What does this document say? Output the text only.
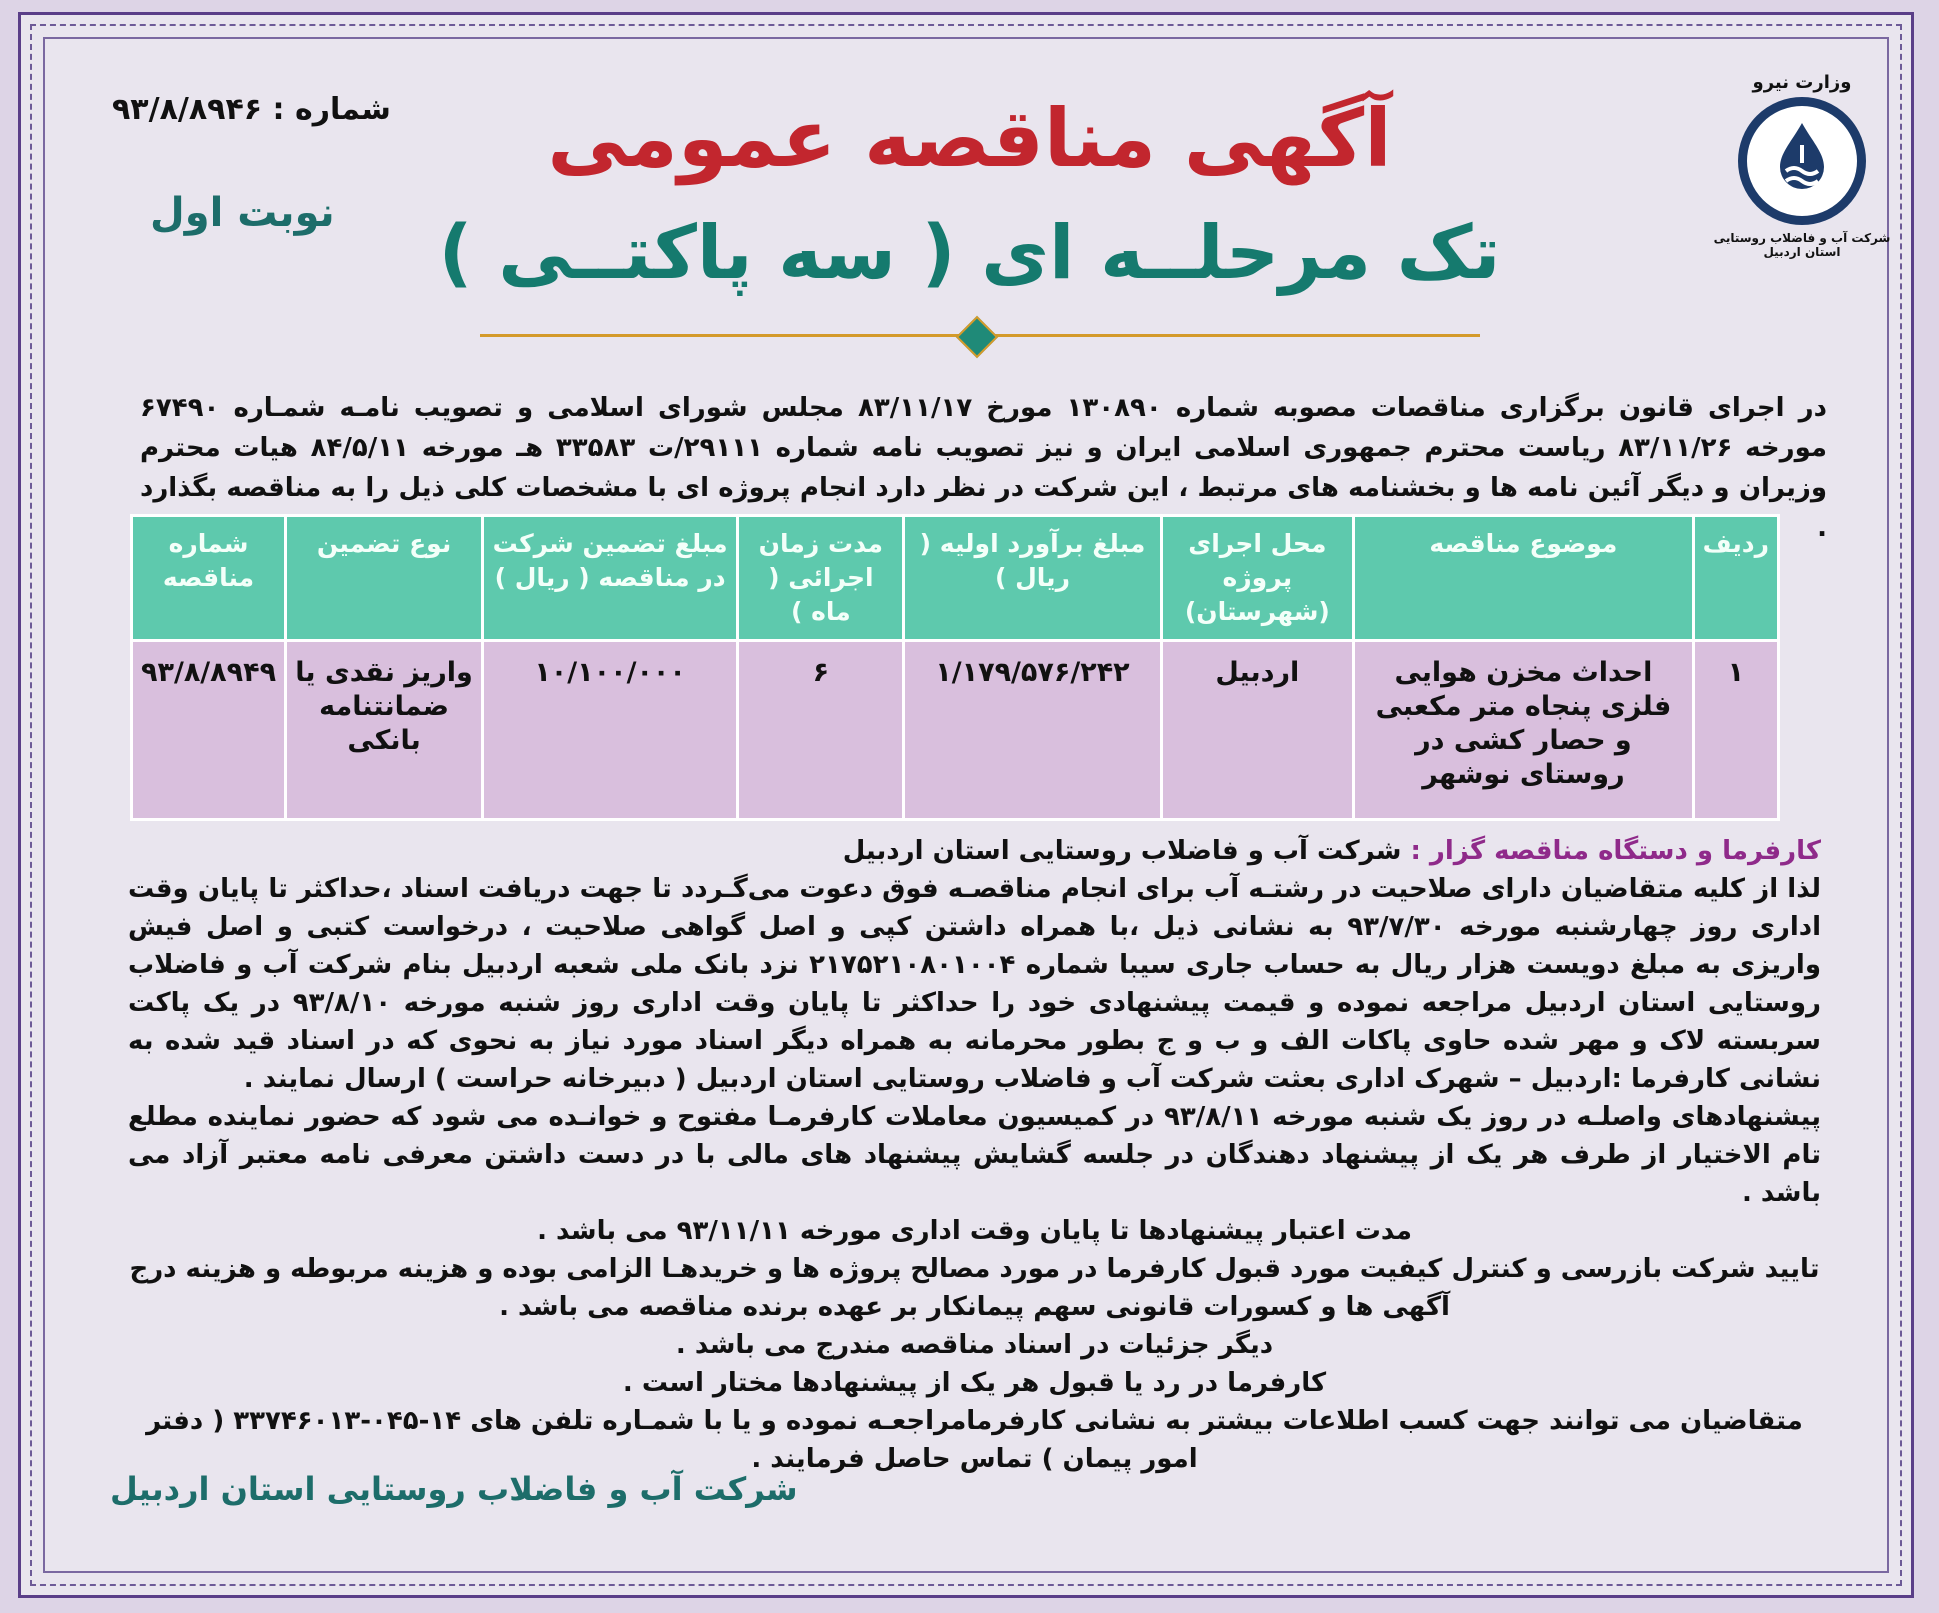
وزارت نیرو
شرکت آب و فاضلاب روستایی استان اردبیل
شماره : ۹۳/۸/۸۹۴۶
نوبت اول
آگهی مناقصه عمومی
تک مرحلــه ای ( سه پاکتــی )
در اجرای قانون برگزاری مناقصات مصوبه شماره ۱۳۰۸۹۰ مورخ ۸۳/۱۱/۱۷ مجلس شورای اسلامی و تصویب نامـه شمـاره ۶۷۴۹۰ مورخه ۸۳/۱۱/۲۶ ریاست محترم جمهوری اسلامی ایران و نیز تصویب نامه شماره ۲۹۱۱۱/ت ۳۳۵۸۳ هـ مورخه ۸۴/۵/۱۱ هیات محترم وزیران و دیگر آئین نامه ها و بخشنامه های مرتبط ، این شرکت در نظر دارد انجام پروژه ای با مشخصات کلی ذیل را به مناقصه بگذارد .
ردیف	موضوع مناقصه	محل اجرای پروژه (شهرستان)	مبلغ برآورد اولیه ( ریال )	مدت زمان اجرائی ( ماه )	مبلغ تضمین شرکت در مناقصه ( ریال )	نوع تضمین	شماره مناقصه
۱	احداث مخزن هوایی فلزی پنجاه متر مکعبی و حصار کشی در روستای نوشهر	اردبیل	۱/۱۷۹/۵۷۶/۲۴۲	۶	۱۰/۱۰۰/۰۰۰	واریز نقدی یا ضمانتنامه بانکی	۹۳/۸/۸۹۴۹

کارفرما و دستگاه مناقصه گزار : شرکت آب و فاضلاب روستایی استان اردبیل

لذا از کلیه متقاضیان دارای صلاحیت در رشتـه آب برای انجام مناقصـه فوق دعوت می‌گـردد تا جهت دریافت اسناد ،حداکثر تا پایان وقت اداری روز چهارشنبه مورخه ۹۳/۷/۳۰ به نشانی ذیل ،با همراه داشتن کپی و اصل گواهی صلاحیت ، درخواست کتبی و اصل فیش واریزی به مبلغ دویست هزار ریال به حساب جاری سیبا شماره ۲۱۷۵۲۱۰۸۰۱۰۰۴ نزد بانک ملی شعبه اردبیل بنام شرکت آب و فاضلاب روستایی استان اردبیل مراجعه نموده و قیمت پیشنهادی خود را حداکثر تا پایان وقت اداری روز شنبه مورخه ۹۳/۸/۱۰ در یک پاکت سربسته لاک و مهر شده حاوی پاکات الف و ب و ج بطور محرمانه به همراه دیگر اسناد مورد نیاز به نحوی که در اسناد قید شده به نشانی کارفرما :اردبیل – شهرک اداری بعثت شرکت آب و فاضلاب روستایی استان اردبیل ( دبیرخانه حراست ) ارسال نمایند .

پیشنهادهای واصلـه در روز یک شنبه مورخه ۹۳/۸/۱۱ در کمیسیون معاملات کارفرمـا مفتوح و خوانـده می شود که حضور نماینده مطلع تام الاختیار از طرف هر یک از پیشنهاد دهندگان در جلسه گشایش پیشنهاد های مالی با در دست داشتن معرفی نامه معتبر آزاد می باشد .

مدت اعتبار پیشنهادها تا پایان وقت اداری مورخه ۹۳/۱۱/۱۱ می باشد .

تایید شرکت بازرسی و کنترل کیفیت مورد قبول کارفرما در مورد مصالح پروژه ها و خریدهـا الزامی بوده و هزینه مربوطه و هزینه درج آگهی ها و کسورات قانونی سهم پیمانکار بر عهده برنده مناقصه می باشد .

دیگر جزئیات در اسناد مناقصه مندرج می باشد .

کارفرما در رد یا قبول هر یک از پیشنهادها مختار است .

متقاضیان می توانند جهت کسب اطلاعات بیشتر به نشانی کارفرمامراجعـه نموده و یا با شمـاره تلفن های ۱۴-۰۴۵-۳۳۷۴۶۰۱۳ ( دفتر امور پیمان ) تماس حاصل فرمایند .

شرکت آب و فاضلاب روستایی استان اردبیل
